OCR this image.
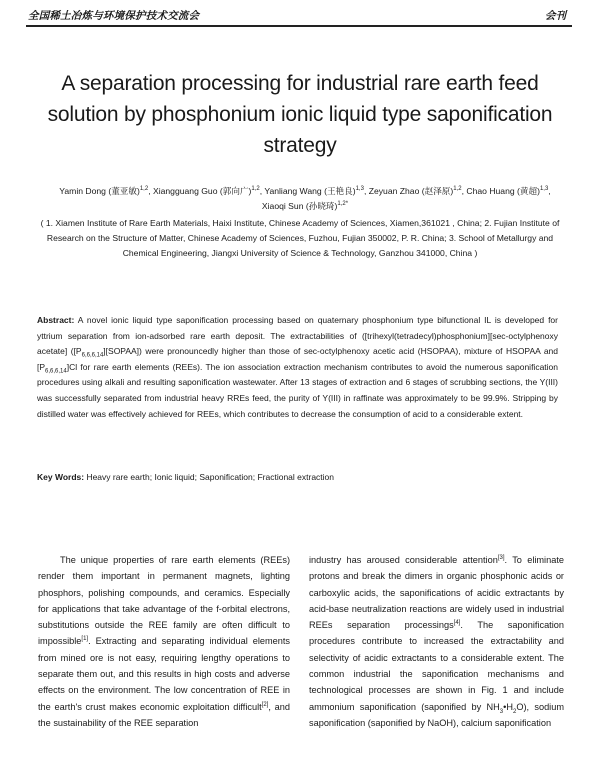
全国稀土冶炼与环境保护技术交流会	会刊
A separation processing for industrial rare earth feed solution by phosphonium ionic liquid type saponification strategy
Yamin Dong (董亚敏)$^{1,2}$, Xiangguang Guo (郭向广)$^{1,2}$, Yanliang Wang (王艳良)$^{1,3}$, Zeyuan Zhao (赵泽原)$^{1,2}$, Chao Huang (黄超)$^{1,3}$, Xiaoqi Sun (孙晓琦)$^{1,2*}$
( 1. Xiamen Institute of Rare Earth Materials, Haixi Institute, Chinese Academy of Sciences, Xiamen,361021 , China; 2. Fujian Institute of Research on the Structure of Matter, Chinese Academy of Sciences, Fuzhou, Fujian 350002, P. R. China; 3. School of Metallurgy and Chemical Engineering, Jiangxi University of Science & Technology, Ganzhou 341000, China )
Abstract: A novel ionic liquid type saponification processing based on quaternary phosphonium type bifunctional IL is developed for yttrium separation from ion-adsorbed rare earth deposit. The extractabilities of ([trihexyl(tetradecyl)phosphonium][sec-octylphenoxy acetate] $([P_{6,6,6,14}][SOPAA])$ were pronouncedly higher than those of sec-octylphenoxy acetic acid (HSOPAA), mixture of HSOPAA and $[P_{6,6,6,14}]Cl$ for rare earth elements (REEs). The ion association extraction mechanism contributes to avoid the numerous saponification procedures using alkali and resulting saponification wastewater. After 13 stages of extraction and 6 stages of scrubbing sections, the Y(III) was successfully separated from industrial heavy RREs feed, the purity of Y(III) in raffinate was approximately to be 99.9%. Stripping by distilled water was effectively achieved for REEs, which contributes to decrease the consumption of acid to a considerable extent.
Key Words: Heavy rare earth; Ionic liquid; Saponification; Fractional extraction

The unique properties of rare earth elements (REEs) render them important in permanent magnets, lighting phosphors, polishing compounds, and ceramics. Especially for applications that take advantage of the f-orbital electrons, substitutions outside the REE family are often difficult to impossible[1]. Extracting and separating individual elements from mined ore is not easy, requiring lengthy operations to separate them out, and this results in high costs and adverse effects on the environment. The low concentration of REE in the earth's crust makes economic exploitation difficult[2], and the sustainability of the REE separation

industry has aroused considerable attention[3]. To eliminate protons and break the dimers in organic phosphonic acids or carboxylic acids, the saponifications of acidic extractants by acid-base neutralization reactions are widely used in industrial REEs separation processings[4]. The saponification procedures contribute to increased the extractability and selectivity of acidic extractants to a considerable extent. The common industrial the saponification mechanisms and technological processes are shown in Fig. 1 and include ammonium saponification (saponified by $NH_3•H_2O$), sodium saponification (saponified by NaOH), calcium saponification
